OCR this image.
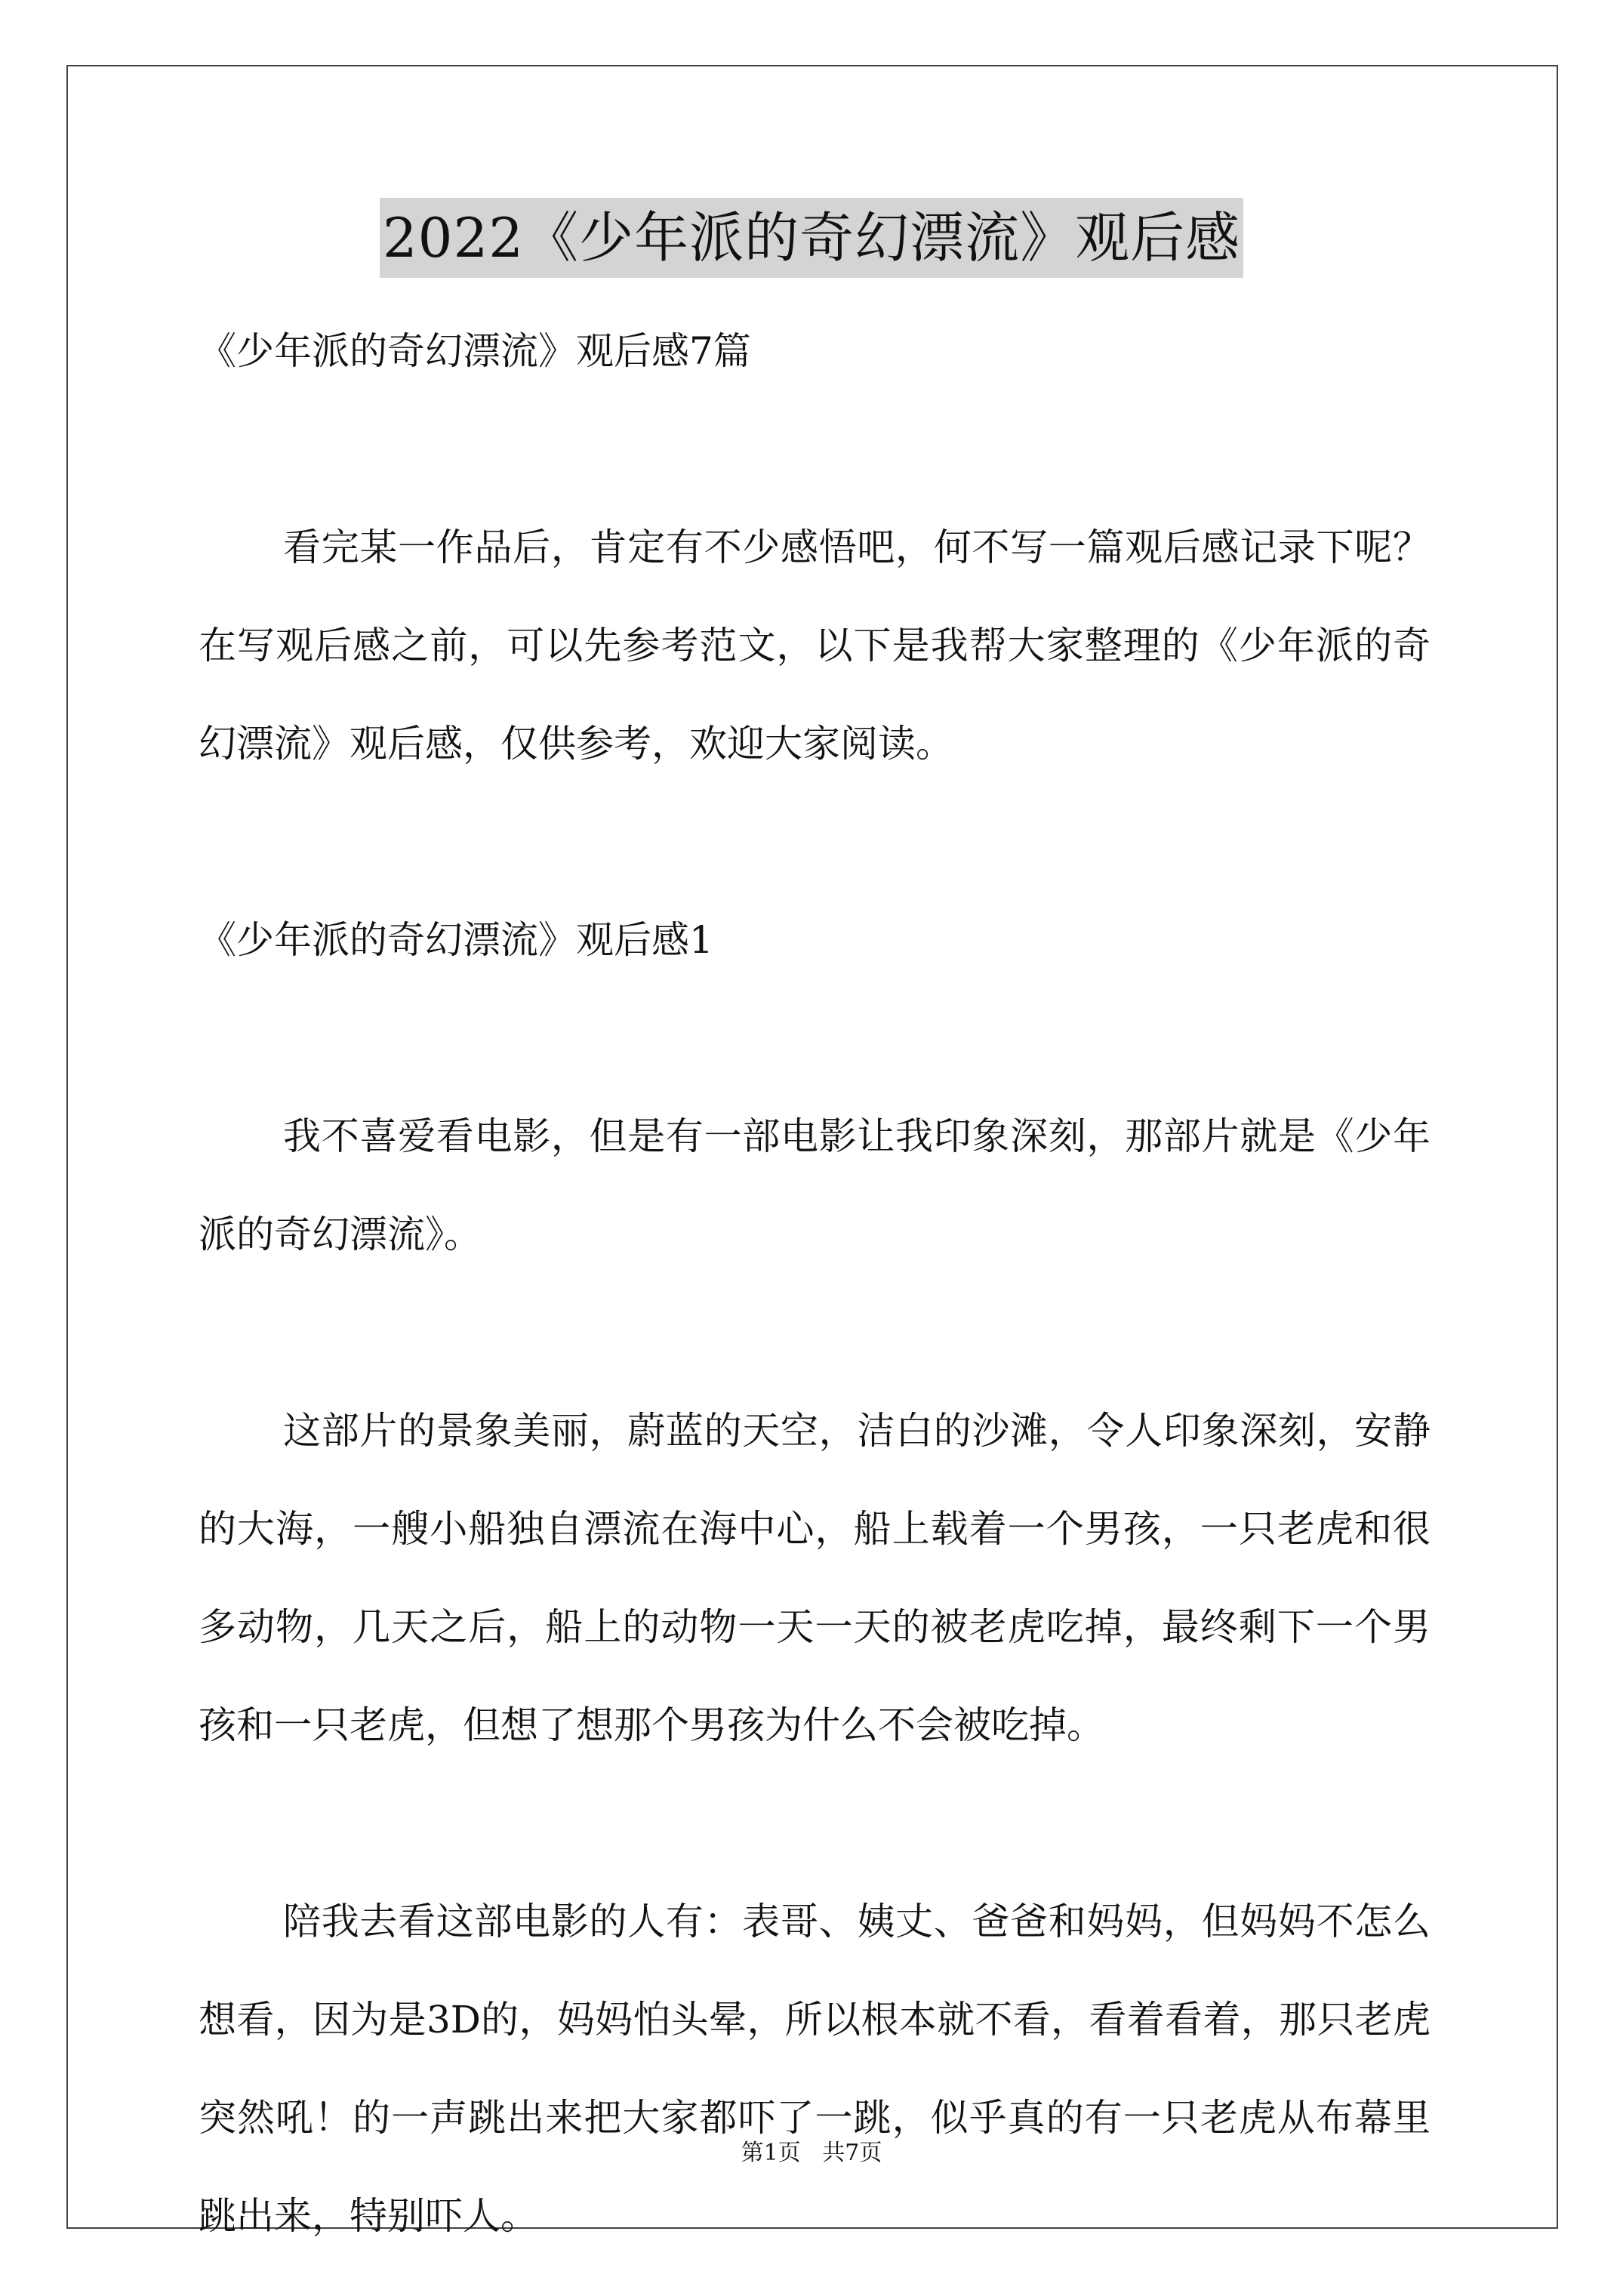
2022《少年派的奇幻漂流》观后感

《少年派的奇幻漂流》观后感7篇

看完某一作品后，肯定有不少感悟吧，何不写一篇观后感记录下呢？在写观后感之前，可以先参考范文，以下是我帮大家整理的《少年派的奇幻漂流》观后感，仅供参考，欢迎大家阅读。

《少年派的奇幻漂流》观后感1

我不喜爱看电影，但是有一部电影让我印象深刻，那部片就是《少年派的奇幻漂流》。

这部片的景象美丽，蔚蓝的天空，洁白的沙滩，令人印象深刻，安静的大海，一艘小船独自漂流在海中心，船上载着一个男孩，一只老虎和很多动物，几天之后，船上的动物一天一天的被老虎吃掉，最终剩下一个男孩和一只老虎，但想了想那个男孩为什么不会被吃掉。

陪我去看这部电影的人有：表哥、姨丈、爸爸和妈妈，但妈妈不怎么想看，因为是3D的，妈妈怕头晕，所以根本就不看，看着看着，那只老虎突然吼！的一声跳出来把大家都吓了一跳，似乎真的有一只老虎从布幕里跳出来，特别吓人。

第1页   共7页
